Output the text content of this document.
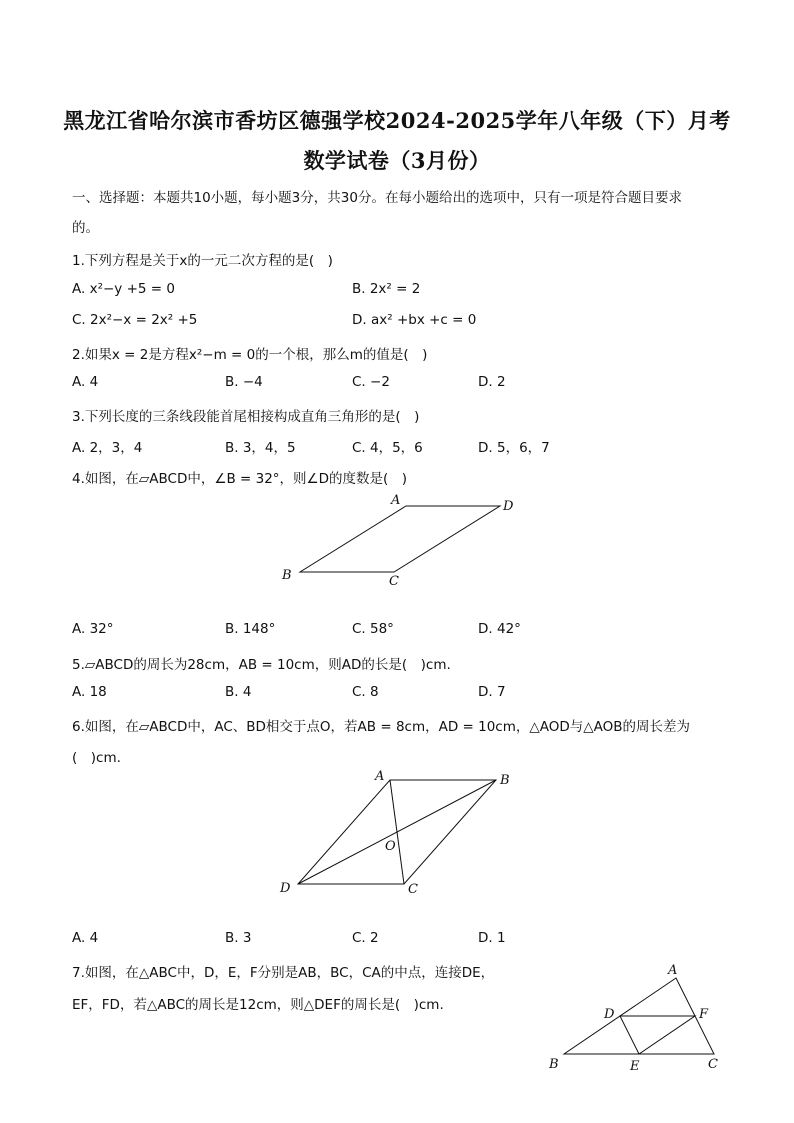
黑龙江省哈尔滨市香坊区德强学校2024-2025学年八年级（下）月考
数学试卷（3月份）
一、选择题：本题共10小题，每小题3分，共30分。在每小题给出的选项中，只有一项是符合题目要求
的。
1.下列方程是关于x的一元二次方程的是(　)
A. x²−y +5 = 0	B. 2x² = 2
C. 2x²−x = 2x² +5	D. ax² +bx +c = 0
2.如果x = 2是方程x²−m = 0的一个根，那么m的值是(　)
A. 4	B. −4	C. −2	D. 2
3.下列长度的三条线段能首尾相接构成直角三角形的是(　)
A. 2，3，4	B. 3，4，5	C. 4，5，6	D. 5，6，7
4.如图，在▱ABCD中，∠B = 32°，则∠D的度数是(　)
A	D
B	C
A. 32°	B. 148°	C. 58°	D. 42°
5.▱ABCD的周长为28cm，AB = 10cm，则AD的长是(　)cm.
A. 18	B. 4	C. 8	D. 7
6.如图，在▱ABCD中，AC、BD相交于点O，若AB = 8cm，AD = 10cm，△AOD与△AOB的周长差为
(　)cm.
A	B
O
D	C
A. 4	B. 3	C. 2	D. 1
7.如图，在△ABC中，D，E，F分别是AB，BC，CA的中点，连接DE，
EF，FD，若△ABC的周长是12cm，则△DEF的周长是(　)cm.
A
D	F
B	E	C
